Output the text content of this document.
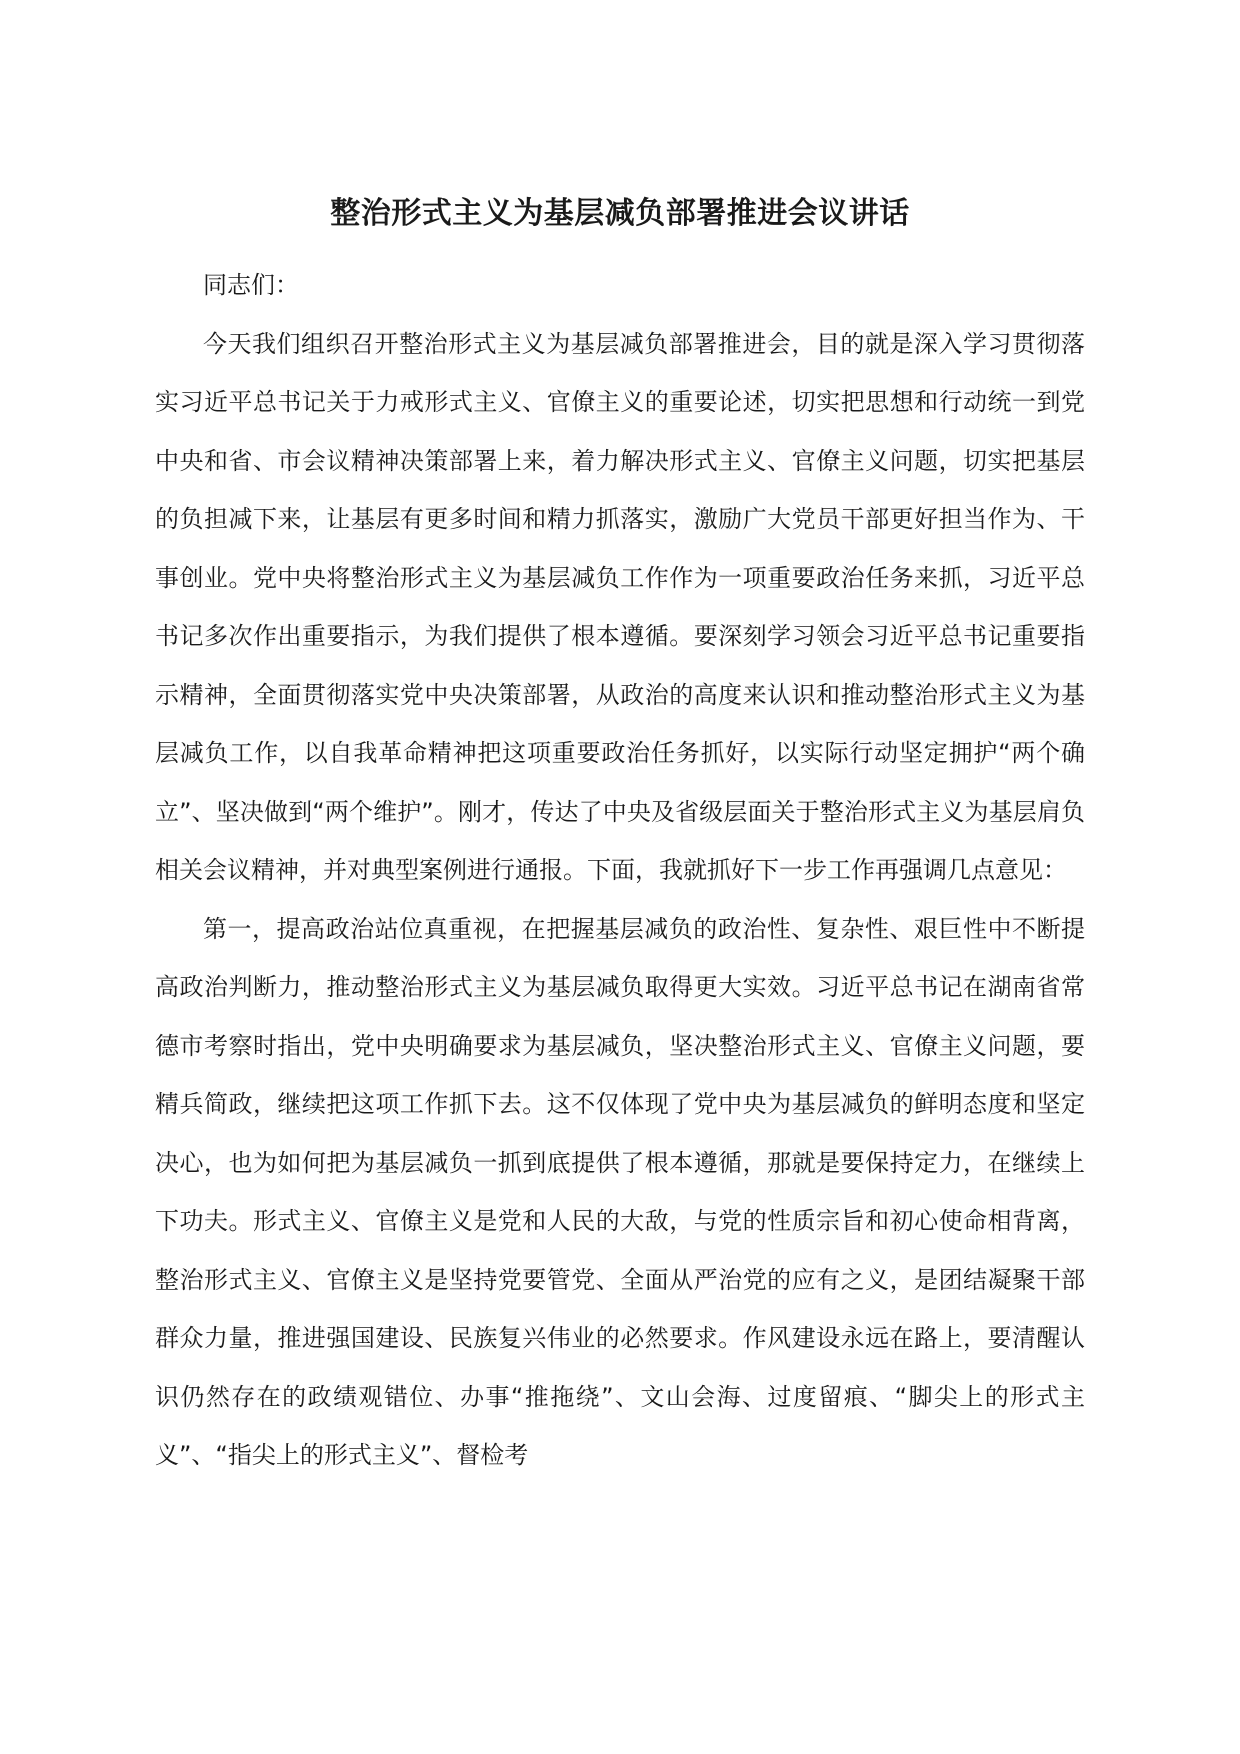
整治形式主义为基层减负部署推进会议讲话

同志们：

今天我们组织召开整治形式主义为基层减负部署推进会，目的就是深入学习贯彻落实习近平总书记关于力戒形式主义、官僚主义的重要论述，切实把思想和行动统一到党中央和省、市会议精神决策部署上来，着力解决形式主义、官僚主义问题，切实把基层的负担减下来，让基层有更多时间和精力抓落实，激励广大党员干部更好担当作为、干事创业。党中央将整治形式主义为基层减负工作作为一项重要政治任务来抓，习近平总书记多次作出重要指示，为我们提供了根本遵循。要深刻学习领会习近平总书记重要指示精神，全面贯彻落实党中央决策部署，从政治的高度来认识和推动整治形式主义为基层减负工作，以自我革命精神把这项重要政治任务抓好，以实际行动坚定拥护“两个确立”、坚决做到“两个维护”。刚才，传达了中央及省级层面关于整治形式主义为基层肩负相关会议精神，并对典型案例进行通报。下面，我就抓好下一步工作再强调几点意见：

第一，提高政治站位真重视，在把握基层减负的政治性、复杂性、艰巨性中不断提高政治判断力，推动整治形式主义为基层减负取得更大实效。习近平总书记在湖南省常德市考察时指出，党中央明确要求为基层减负，坚决整治形式主义、官僚主义问题，要精兵简政，继续把这项工作抓下去。这不仅体现了党中央为基层减负的鲜明态度和坚定决心，也为如何把为基层减负一抓到底提供了根本遵循，那就是要保持定力，在继续上下功夫。形式主义、官僚主义是党和人民的大敌，与党的性质宗旨和初心使命相背离，整治形式主义、官僚主义是坚持党要管党、全面从严治党的应有之义，是团结凝聚干部群众力量，推进强国建设、民族复兴伟业的必然要求。作风建设永远在路上，要清醒认识仍然存在的政绩观错位、办事“推拖绕”、文山会海、过度留痕、“脚尖上的形式主义”、“指尖上的形式主义”、督检考
